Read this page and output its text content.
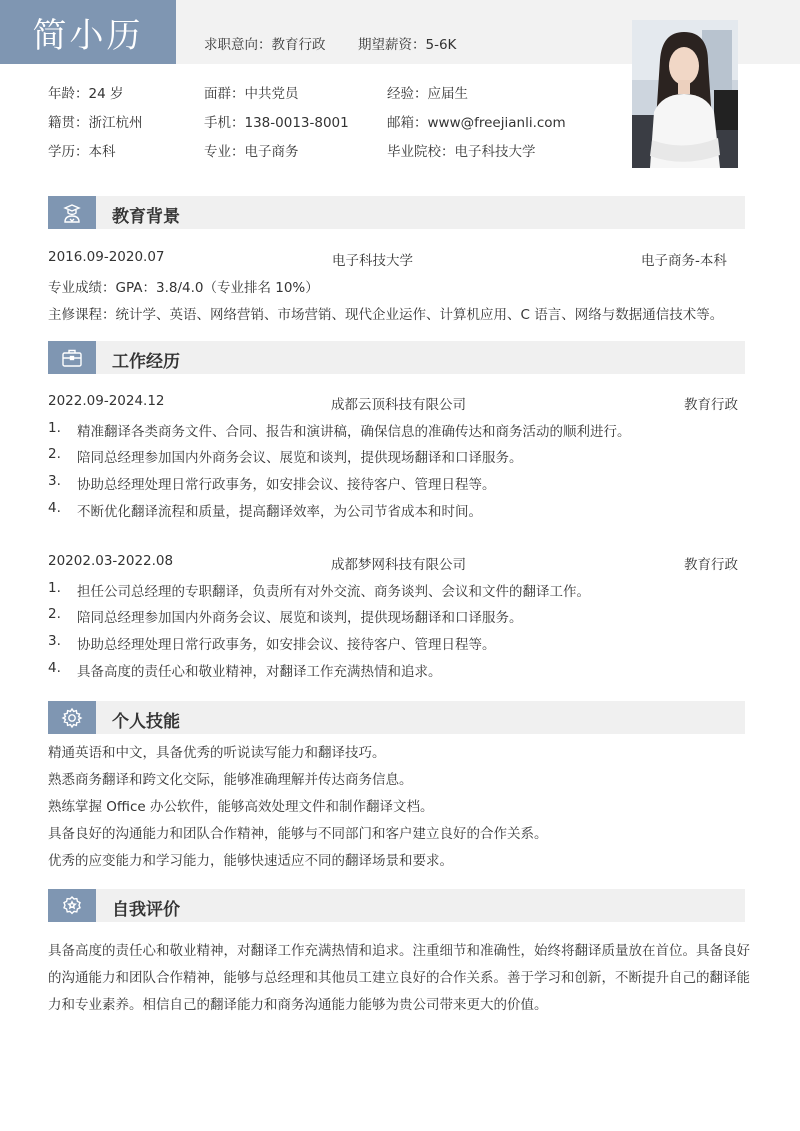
简小历	求职意向：教育行政 期望薪资：5-6K
年龄：24 岁	面群：中共党员	经验：应届生
籍贯：浙江杭州	手机：138-0013-8001	邮箱：www@freejianli.com
学历：本科	专业：电子商务	毕业院校：电子科技大学
教育背景
2016.09-2020.07	电子科技大学	电子商务-本科
专业成绩：GPA：3.8/4.0（专业排名 10%）
主修课程：统计学、英语、网络营销、市场营销、现代企业运作、计算机应用、C 语言、网络与数据通信技术等。
工作经历
2022.09-2024.12	成都云顶科技有限公司	教育行政
1. 精准翻译各类商务文件、合同、报告和演讲稿，确保信息的准确传达和商务活动的顺利进行。
2. 陪同总经理参加国内外商务会议、展览和谈判，提供现场翻译和口译服务。
3. 协助总经理处理日常行政事务，如安排会议、接待客户、管理日程等。
4. 不断优化翻译流程和质量，提高翻译效率，为公司节省成本和时间。
20202.03-2022.08	成都梦网科技有限公司	教育行政
1. 担任公司总经理的专职翻译，负责所有对外交流、商务谈判、会议和文件的翻译工作。
2. 陪同总经理参加国内外商务会议、展览和谈判，提供现场翻译和口译服务。
3. 协助总经理处理日常行政事务，如安排会议、接待客户、管理日程等。
4. 具备高度的责任心和敬业精神，对翻译工作充满热情和追求。
个人技能
精通英语和中文，具备优秀的听说读写能力和翻译技巧。
熟悉商务翻译和跨文化交际，能够准确理解并传达商务信息。
熟练掌握 Office 办公软件，能够高效处理文件和制作翻译文档。
具备良好的沟通能力和团队合作精神，能够与不同部门和客户建立良好的合作关系。
优秀的应变能力和学习能力，能够快速适应不同的翻译场景和要求。
自我评价
具备高度的责任心和敬业精神，对翻译工作充满热情和追求。注重细节和准确性，始终将翻译质量放在首位。具备良好的沟通能力和团队合作精神，能够与总经理和其他员工建立良好的合作关系。善于学习和创新，不断提升自己的翻译能力和专业素养。相信自己的翻译能力和商务沟通能力能够为贵公司带来更大的价值。
